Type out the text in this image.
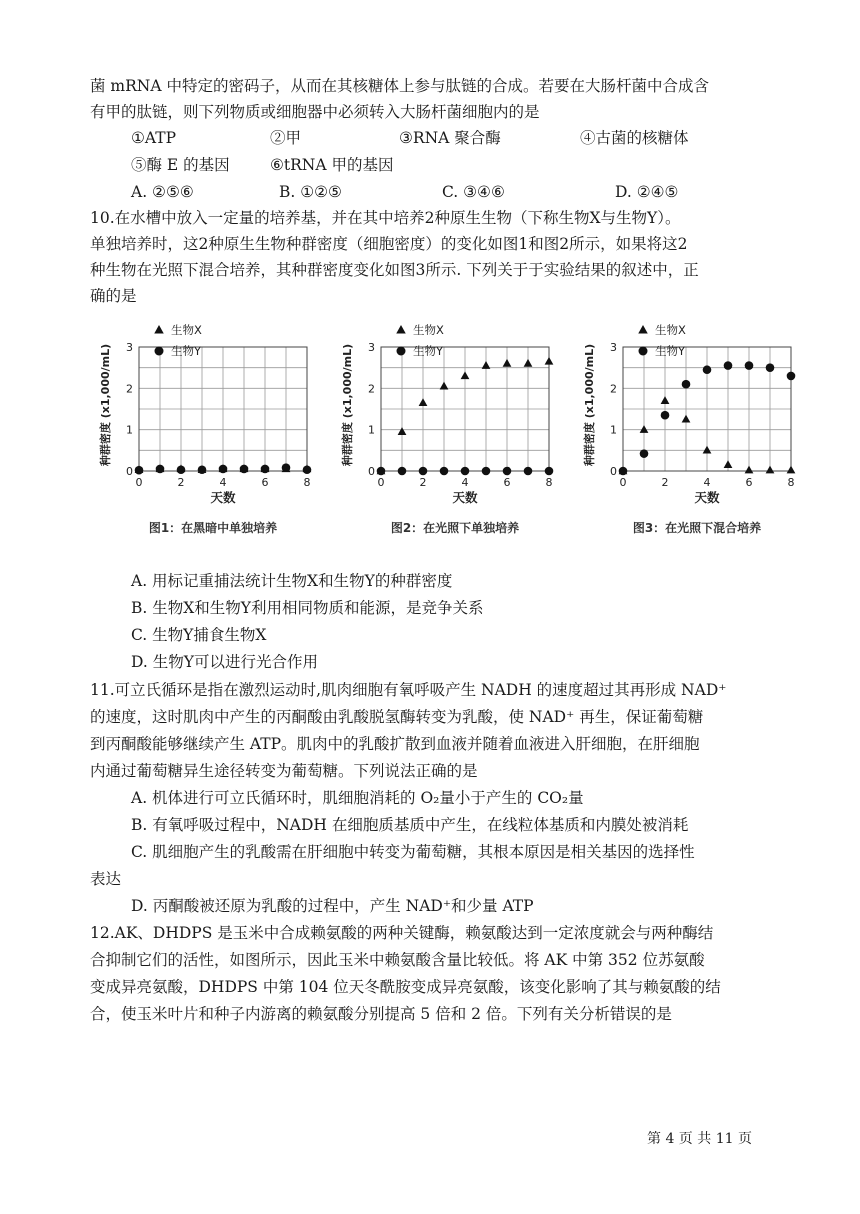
菌 mRNA 中特定的密码子，从而在其核糖体上参与肽链的合成。若要在大肠杆菌中合成含
有甲的肽链，则下列物质或细胞器中必须转入大肠杆菌细胞内的是
①ATP	②甲	③RNA 聚合酶	④古菌的核糖体
⑤酶 E 的基因	⑥tRNA 甲的基因
A. ②⑤⑥	B. ①②⑤	C. ③④⑥	D. ②④⑤
10.在水槽中放入一定量的培养基，并在其中培养2种原生生物（下称生物X与生物Y）。
单独培养时，这2种原生生物种群密度（细胞密度）的变化如图1和图2所示，如果将这2
种生物在光照下混合培养，其种群密度变化如图3所示. 下列关于于实验结果的叙述中，正
确的是
0
1
2
3
0	2	4	6	8
天数
种群密度 (x1,000/mL)
生物X
生物Y
图1：在黑暗中单独培养
0
1
2
3
0	2	4	6	8
天数
种群密度 (x1,000/mL)
生物X
生物Y
图2：在光照下单独培养
0
1
2
3
0	2	4	6	8
天数
种群密度 (x1,000/mL)
生物X
生物Y
图3：在光照下混合培养
A. 用标记重捕法统计生物X和生物Y的种群密度
B. 生物X和生物Y利用相同物质和能源，是竞争关系
C. 生物Y捕食生物X
D. 生物Y可以进行光合作用
11.可立氏循环是指在激烈运动时,肌肉细胞有氧呼吸产生 NADH 的速度超过其再形成 NAD⁺
的速度，这时肌肉中产生的丙酮酸由乳酸脱氢酶转变为乳酸，使 NAD⁺ 再生，保证葡萄糖
到丙酮酸能够继续产生 ATP。肌肉中的乳酸扩散到血液并随着血液进入肝细胞，在肝细胞
内通过葡萄糖异生途径转变为葡萄糖。下列说法正确的是
A. 机体进行可立氏循环时，肌细胞消耗的 O₂量小于产生的 CO₂量
B. 有氧呼吸过程中，NADH 在细胞质基质中产生，在线粒体基质和内膜处被消耗
C. 肌细胞产生的乳酸需在肝细胞中转变为葡萄糖，其根本原因是相关基因的选择性
表达
D. 丙酮酸被还原为乳酸的过程中，产生 NAD⁺和少量 ATP
12.AK、DHDPS 是玉米中合成赖氨酸的两种关键酶，赖氨酸达到一定浓度就会与两种酶结
合抑制它们的活性，如图所示，因此玉米中赖氨酸含量比较低。将 AK 中第 352 位苏氨酸
变成异亮氨酸，DHDPS 中第 104 位天冬酰胺变成异亮氨酸，该变化影响了其与赖氨酸的结
合，使玉米叶片和种子内游离的赖氨酸分别提高 5 倍和 2 倍。下列有关分析错误的是
第 4 页 共 11 页
